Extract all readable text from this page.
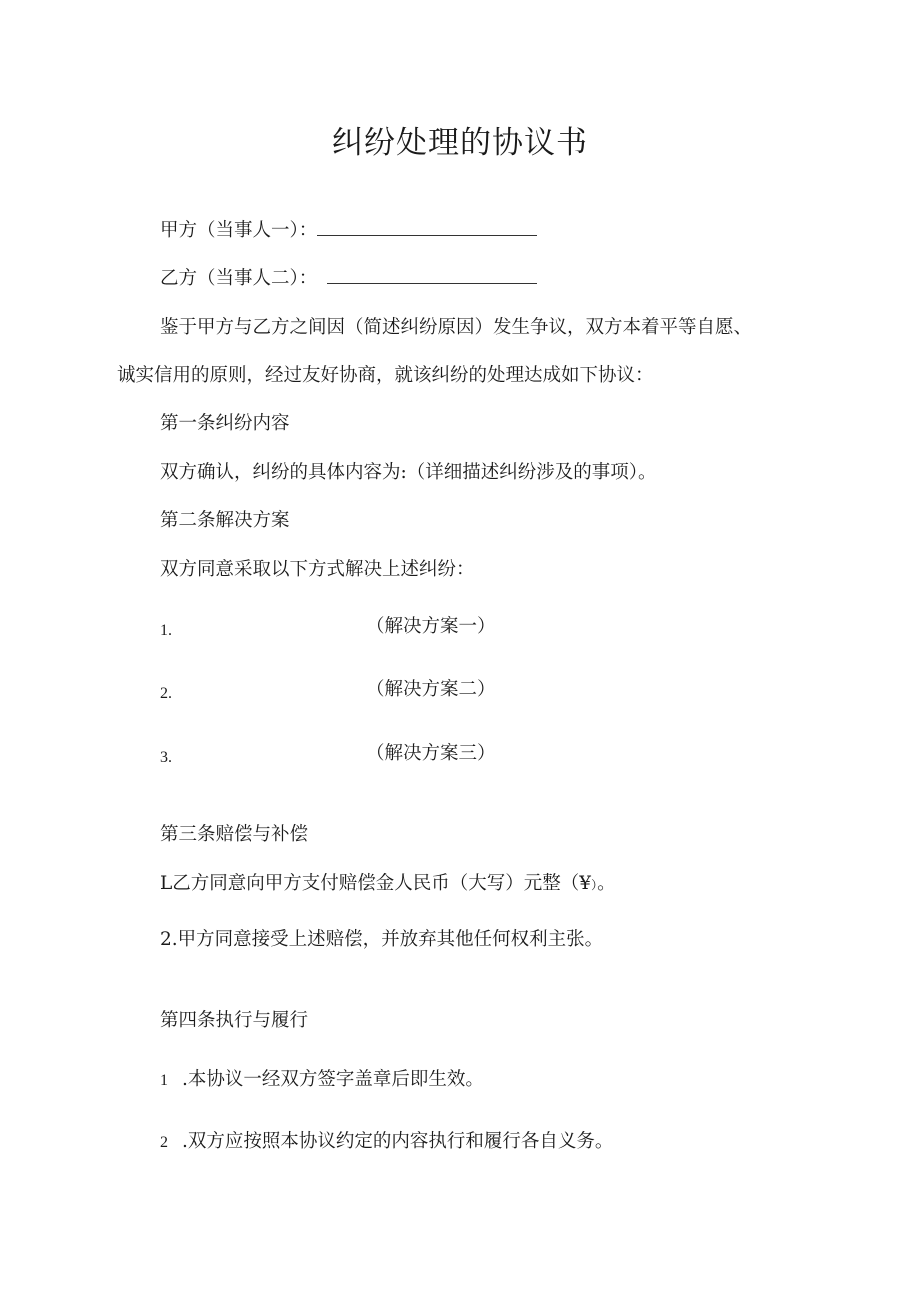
纠纷处理的协议书
甲方（当事人一）：
乙方（当事人二）：

鉴于甲方与乙方之间因（简述纠纷原因）发生争议，双方本着平等自愿、

诚实信用的原则，经过友好协商，就该纠纷的处理达成如下协议：

第一条纠纷内容

双方确认，纠纷的具体内容为:（详细描述纠纷涉及的事项）。

第二条解决方案

双方同意采取以下方式解决上述纠纷：

1.	（解决方案一）
2.	（解决方案二）
3.	（解决方案三）

第三条赔偿与补偿

L乙方同意向甲方支付赔偿金人民币（大写）元整（¥）。

2.甲方同意接受上述赔偿，并放弃其他任何权利主张。

第四条执行与履行

1 .本协议一经双方签字盖章后即生效。
2 .双方应按照本协议约定的内容执行和履行各自义务。
